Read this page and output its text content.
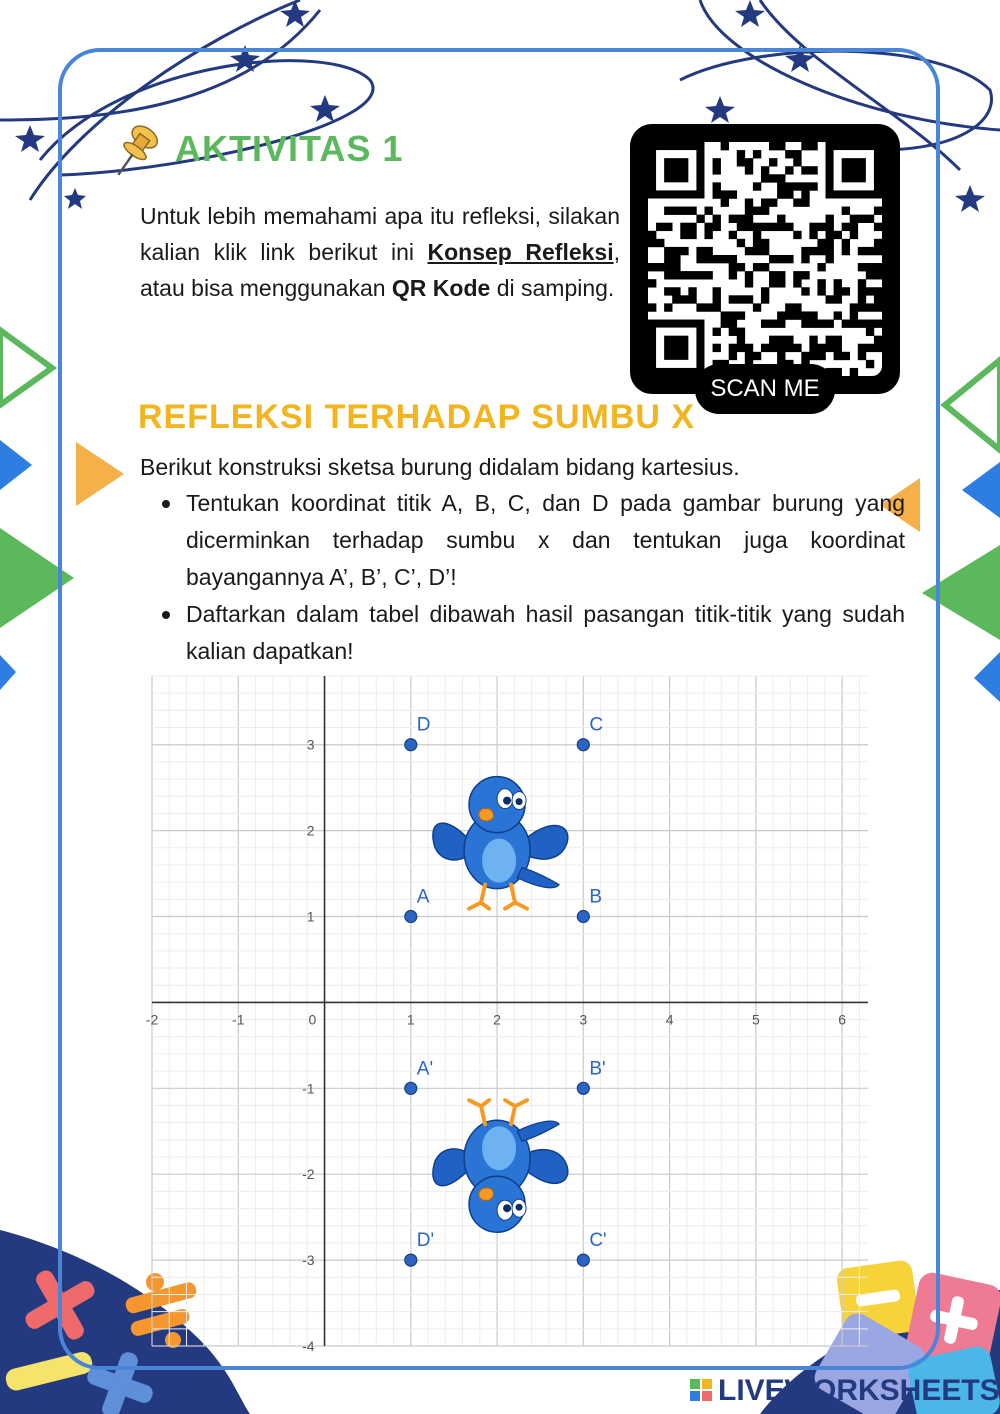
AKTIVITAS 1

Untuk lebih memahami apa itu refleksi, silakan kalian klik link berikut ini Konsep Refleksi, atau bisa menggunakan QR Kode di samping.

SCAN ME
REFLEKSI TERHADAP SUMBU X

Berikut konstruksi sketsa burung didalam bidang kartesius.

Tentukan koordinat titik A, B, C, dan D pada gambar burung yang dicerminkan terhadap sumbu x dan tentukan juga koordinat bayangannya A’, B’, C’, D’!
Daftarkan dalam tabel dibawah hasil pasangan titik-titik yang sudah kalian dapatkan!
-2	-1	0	1	2	3	4	5	6
3
2
1
-1
-2
-3
-4
A	B
C
D
A'	B'
C'
D'
LIVEWORKSHEETS
